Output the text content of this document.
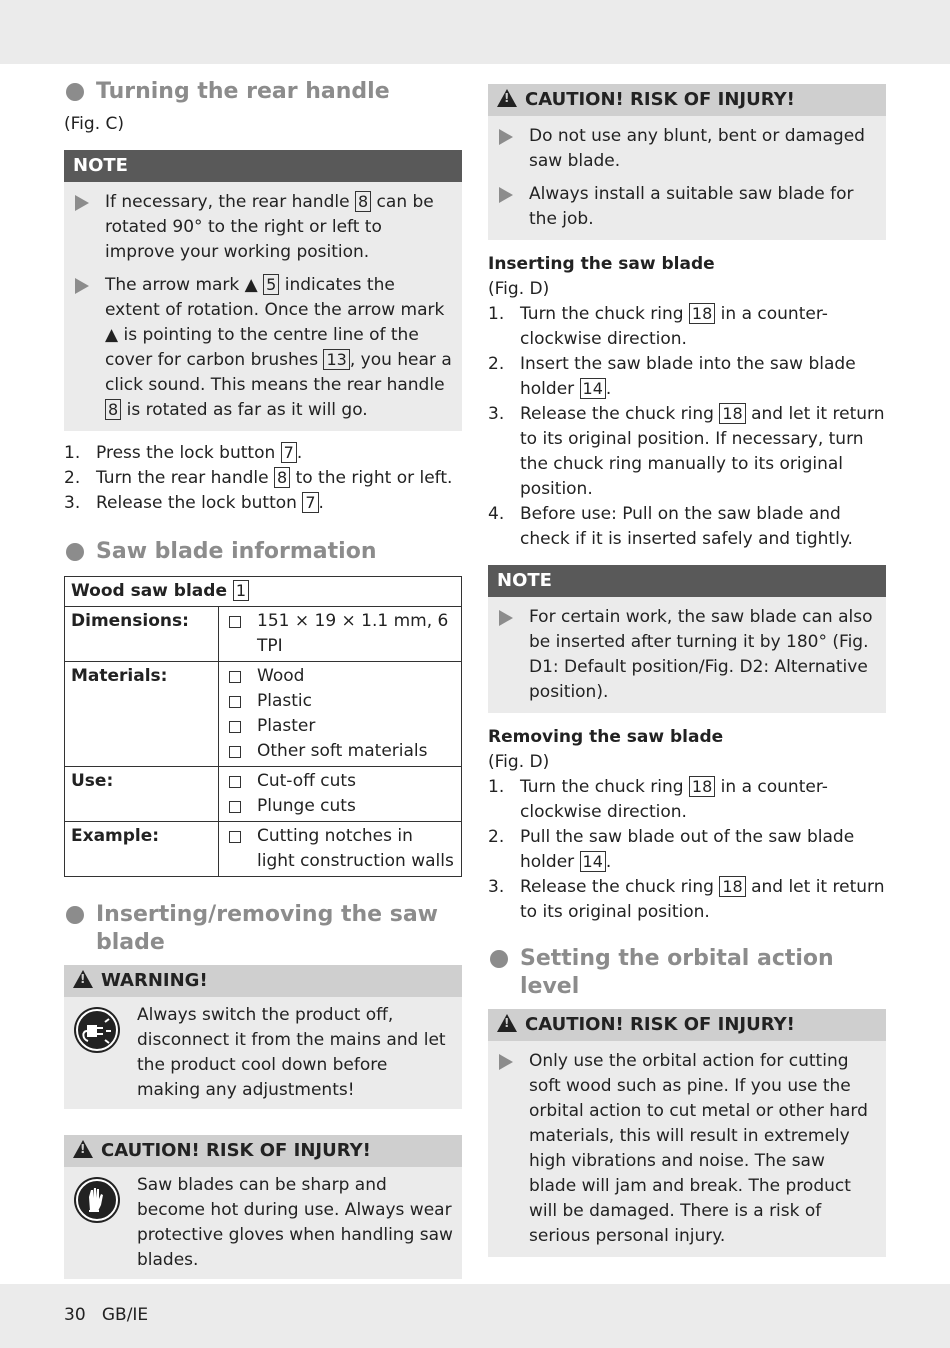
Turning the rear handle
(Fig. C)
NOTE
If necessary, the rear handle 8 can be rotated 90° to the right or left to improve your working position.
The arrow mark ▲ 5 indicates the extent of rotation. Once the arrow mark ▲ is pointing to the centre line of the cover for carbon brushes 13 , you hear a click sound. This means the rear handle 8 is rotated as far as it will go.
1. Press the lock button 7 .
2. Turn the rear handle 8 to the right or left.
3. Release the lock button 7 .
Saw blade information
Wood saw blade 1	
Dimensions:	151 × 19 × 1.1 mm, 6 TPI

Materials:	Wood
Plastic
Plaster
Other soft materials

Use:	Cut-off cuts
Plunge cuts

Example:	Cutting notches in light construction walls
Inserting/removing the saw blade
!WARNING!
Always switch the product off, disconnect it from the mains and let the product cool down before making any adjustments!
!CAUTION! RISK OF INJURY!
Saw blades can be sharp and become hot during use. Always wear protective gloves when handling saw blades.
!CAUTION! RISK OF INJURY!
Do not use any blunt, bent or damaged saw blade.
Always install a suitable saw blade for the job.
Inserting the saw blade
(Fig. D)
1. Turn the chuck ring 18 in a counter-clockwise direction.
2. Insert the saw blade into the saw blade holder 14 .
3. Release the chuck ring 18 and let it return to its original position. If necessary, turn the chuck ring manually to its original position.
4. Before use: Pull on the saw blade and check if it is inserted safely and tightly.
NOTE
For certain work, the saw blade can also be inserted after turning it by 180° (Fig. D1: Default position/Fig. D2: Alternative position).
Removing the saw blade
(Fig. D)
1. Turn the chuck ring 18 in a counter-clockwise direction.
2. Pull the saw blade out of the saw blade holder 14 .
3. Release the chuck ring 18 and let it return to its original position.
Setting the orbital action level
!CAUTION! RISK OF INJURY!
Only use the orbital action for cutting soft wood such as pine. If you use the orbital action to cut metal or other hard materials, this will result in extremely high vibrations and noise. The saw blade will jam and break. The product will be damaged. There is a risk of serious personal injury.
30 GB/IE
